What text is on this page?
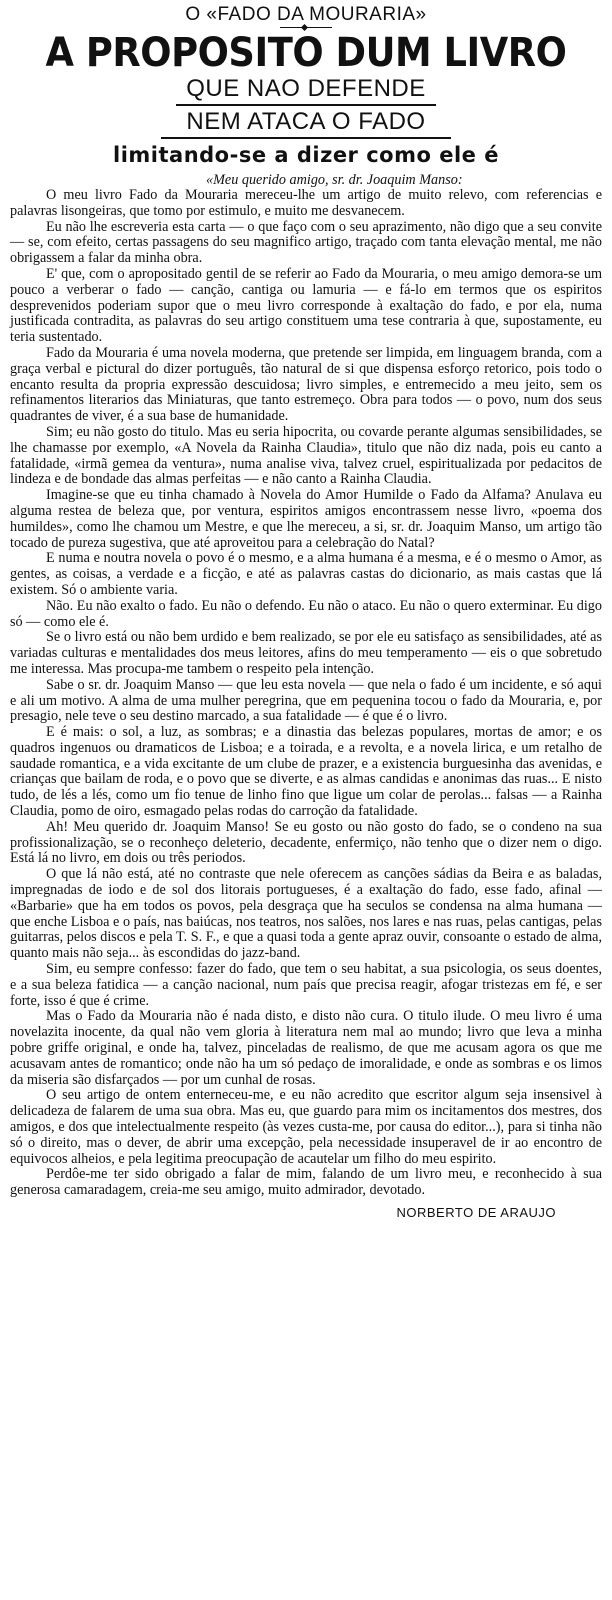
O «FADO DA MOURARIA»
A PROPOSITO DUM LIVRO
QUE NAO DEFENDE
NEM ATACA O FADO
limitando-se a dizer como ele é
«Meu querido amigo, sr. dr. Joaquim Manso:

O meu livro Fado da Mouraria mereceu-lhe um artigo de muito relevo, com referencias e palavras lisongeiras, que tomo por estimulo, e muito me desvanecem.

Eu não lhe escreveria esta carta — o que faço com o seu aprazimento, não digo que a seu convite — se, com efeito, certas passagens do seu magnifico artigo, traçado com tanta elevação mental, me não obrigassem a falar da minha obra.

E' que, com o apropositado gentil de se referir ao Fado da Mouraria, o meu amigo demora-se um pouco a verberar o fado — canção, cantiga ou lamuria — e fá-lo em termos que os espiritos desprevenidos poderiam supor que o meu livro corresponde à exaltação do fado, e por ela, numa justificada contradita, as palavras do seu artigo constituem uma tese contraria à que, supostamente, eu teria sustentado.

Fado da Mouraria é uma novela moderna, que pretende ser limpida, em linguagem branda, com a graça verbal e pictural do dizer português, tão natural de si que dispensa esforço retorico, pois todo o encanto resulta da propria expressão descuidosa; livro simples, e entremecido a meu jeito, sem os refinamentos literarios das Miniaturas, que tanto estremeço. Obra para todos — o povo, num dos seus quadrantes de viver, é a sua base de humanidade.

Sim; eu não gosto do titulo. Mas eu seria hipocrita, ou covarde perante algumas sensibilidades, se lhe chamasse por exemplo, «A Novela da Rainha Claudia», titulo que não diz nada, pois eu canto a fatalidade, «irmã gemea da ventura», numa analise viva, talvez cruel, espiritualizada por pedacitos de lindeza e de bondade das almas perfeitas — e não canto a Rainha Claudia.

Imagine-se que eu tinha chamado à Novela do Amor Humilde o Fado da Alfama? Anulava eu alguma restea de beleza que, por ventura, espiritos amigos encontrassem nesse livro, «poema dos humildes», como lhe chamou um Mestre, e que lhe mereceu, a si, sr. dr. Joaquim Manso, um artigo tão tocado de pureza sugestiva, que até aproveitou para a celebração do Natal?

E numa e noutra novela o povo é o mesmo, e a alma humana é a mesma, e é o mesmo o Amor, as gentes, as coisas, a verdade e a ficção, e até as palavras castas do dicionario, as mais castas que lá existem. Só o ambiente varia.

Não. Eu não exalto o fado. Eu não o defendo. Eu não o ataco. Eu não o quero exterminar. Eu digo só — como ele é.

Se o livro está ou não bem urdido e bem realizado, se por ele eu satisfaço as sensibilidades, até as variadas culturas e mentalidades dos meus leitores, afins do meu temperamento — eis o que sobretudo me interessa. Mas procupa-me tambem o respeito pela intenção.

Sabe o sr. dr. Joaquim Manso — que leu esta novela — que nela o fado é um incidente, e só aqui e ali um motivo. A alma de uma mulher peregrina, que em pequenina tocou o fado da Mouraria, e, por presagio, nele teve o seu destino marcado, a sua fatalidade — é que é o livro.

E é mais: o sol, a luz, as sombras; e a dinastia das belezas populares, mortas de amor; e os quadros ingenuos ou dramaticos de Lisboa; e a toirada, e a revolta, e a novela lirica, e um retalho de saudade romantica, e a vida excitante de um clube de prazer, e a existencia burguesinha das avenidas, e crianças que bailam de roda, e o povo que se diverte, e as almas candidas e anonimas das ruas... E nisto tudo, de lés a lés, como um fio tenue de linho fino que ligue um colar de perolas... falsas — a Rainha Claudia, pomo de oiro, esmagado pelas rodas do carroção da fatalidade.

Ah! Meu querido dr. Joaquim Manso! Se eu gosto ou não gosto do fado, se o condeno na sua profissionalização, se o reconheço deleterio, decadente, enfermiço, não tenho que o dizer nem o digo. Está lá no livro, em dois ou três periodos.

O que lá não está, até no contraste que nele oferecem as canções sádias da Beira e as baladas, impregnadas de iodo e de sol dos litorais portugueses, é a exaltação do fado, esse fado, afinal — «Barbarie» que ha em todos os povos, pela desgraça que ha seculos se condensa na alma humana — que enche Lisboa e o país, nas baiúcas, nos teatros, nos salões, nos lares e nas ruas, pelas cantigas, pelas guitarras, pelos discos e pela T. S. F., e que a quasi toda a gente apraz ouvir, consoante o estado de alma, quanto mais não seja... às escondidas do jazz-band.

Sim, eu sempre confesso: fazer do fado, que tem o seu habitat, a sua psicologia, os seus doentes, e a sua beleza fatidica — a canção nacional, num país que precisa reagir, afogar tristezas em fé, e ser forte, isso é que é crime.

Mas o Fado da Mouraria não é nada disto, e disto não cura. O titulo ilude. O meu livro é uma novelazita inocente, da qual não vem gloria à literatura nem mal ao mundo; livro que leva a minha pobre griffe original, e onde ha, talvez, pinceladas de realismo, de que me acusam agora os que me acusavam antes de romantico; onde não ha um só pedaço de imoralidade, e onde as sombras e os limos da miseria são disfarçados — por um cunhal de rosas.

O seu artigo de ontem enterneceu-me, e eu não acredito que escritor algum seja insensivel à delicadeza de falarem de uma sua obra. Mas eu, que guardo para mim os incitamentos dos mestres, dos amigos, e dos que intelectualmente respeito (às vezes custa-me, por causa do editor...), para si tinha não só o direito, mas o dever, de abrir uma excepção, pela necessidade insuperavel de ir ao encontro de equivocos alheios, e pela legitima preocupação de acautelar um filho do meu espirito.

Perdôe-me ter sido obrigado a falar de mim, falando de um livro meu, e reconhecido à sua generosa camaradagem, creia-me seu amigo, muito admirador, devotado.

NORBERTO DE ARAUJO
